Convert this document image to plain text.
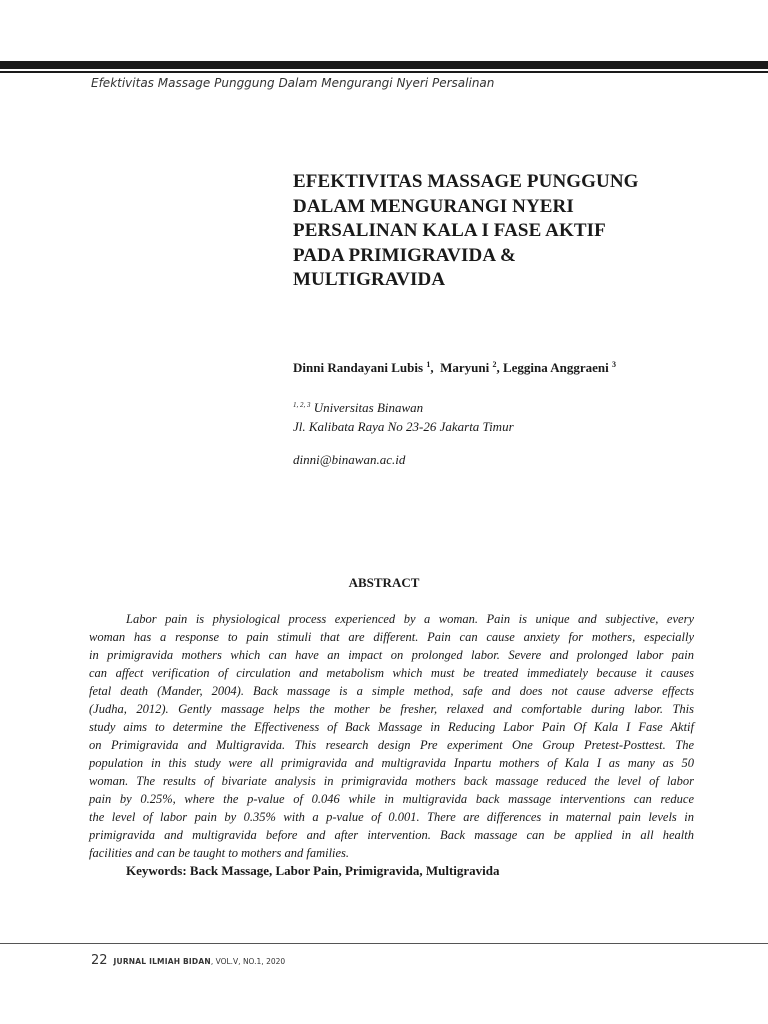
Efektivitas Massage Punggung Dalam Mengurangi Nyeri Persalinan
EFEKTIVITAS MASSAGE PUNGGUNG
DALAM MENGURANGI NYERI
PERSALINAN KALA I FASE AKTIF
PADA PRIMIGRAVIDA &
MULTIGRAVIDA
Dinni Randayani Lubis $^1$,  Maryuni $^2$, Leggina Anggraeni $^3$
$^{1, 2, 3}$ Universitas Binawan
Jl. Kalibata Raya No 23-26 Jakarta Timur
dinni@binawan.ac.id
ABSTRACT
Labor pain is physiological process experienced by a woman. Pain is unique and subjective, every
woman has a response to pain stimuli that are different. Pain can cause anxiety for mothers, especially
in primigravida mothers which can have an impact on prolonged labor. Severe and prolonged labor pain
can affect verification of circulation and metabolism which must be treated immediately because it causes
fetal death (Mander, 2004). Back massage is a simple method, safe and does not cause adverse effects
(Judha, 2012). Gently massage helps the mother be fresher, relaxed and comfortable during labor. This
study aims to determine the Effectiveness of Back Massage in Reducing Labor Pain Of Kala I Fase Aktif
on Primigravida and Multigravida. This research design Pre experiment One Group Pretest-Posttest. The
population in this study were all primigravida and multigravida Inpartu mothers of Kala I as many as 50
woman. The results of bivariate analysis in primigravida mothers back massage reduced the level of labor
pain by 0.25%, where the p-value of 0.046 while in multigravida back massage interventions can reduce
the level of labor pain by 0.35% with a p-value of 0.001. There are differences in maternal pain levels in
primigravida and multigravida before and after intervention. Back massage can be applied in all health
facilities and can be taught to mothers and families.
Keywords: Back Massage, Labor Pain, Primigravida, Multigravida
22 JURNAL ILMIAH BIDAN, VOL.V, NO.1, 2020
